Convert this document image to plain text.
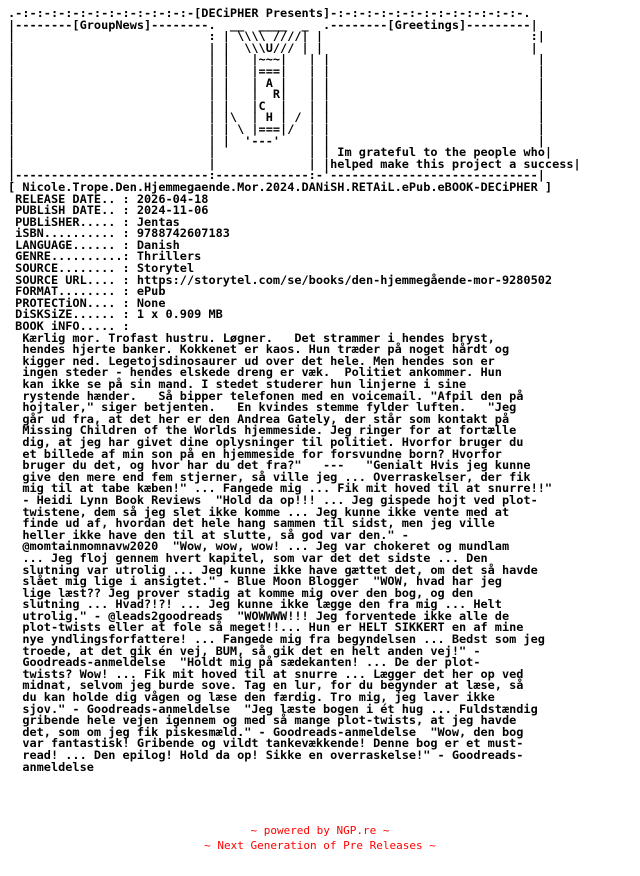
.-:-:-:-:-:-:-:-:-:-:-:-:-[DECiPHER Presents]-:-:-:-:-:-:-:-:-:-:-:-:-:-.
|--------[GroupNews]--------.  __  ____  _  .--------[Greetings]---------|
|                           : | \\\\ ////| |                             :|
|                           | |  \\\U/// | |                             |
|                           | |   |~~~|   | |                             |
|                           | |   |===|   | |                             |
|                           | |   | A |   | |                             |
|                           | |   |  R|   | |                             |
|                           | |   |C  |   | |                             |
|                           | |\  | H | / | |                             |
|                           | | \ |===|/  | |                             |
|                           | |  '---'    | |                             |
|                           |             | | Im grateful to the people who|
|                           |             | |helped make this project a success|
|---------------------------:-------------:-'-----------------------------|
[ Nicole.Trope.Den.Hjemmegaende.Mor.2024.DANiSH.RETAiL.ePub.eBOOK-DECiPHER ]
RELEASE DATE.. : 2026-04-18
PUBLiSH DATE.. : 2024-11-06
PUBLiSHER..... : Jentas
iSBN.......... : 9788742607183
LANGUAGE...... : Danish
GENRE..........: Thrillers
SOURCE........ : Storytel
SOURCE URL.... : https://storytel.com/se/books/den-hjemmegående-mor-9280502
FORMAT........ : ePub
PROTECTiON.... : None
DiSKSiZE...... : 1 x 0.909 MB
BOOK iNFO..... :
Kærlig mor. Trofast hustru. Løgner.   Det strammer i hendes bryst,
hendes hjerte banker. Kokkenet er kaos. Hun træder på noget hårdt og
kigger ned. Legetojsdinosaurer ud over det hele. Men hendes son er
ingen steder - hendes elskede dreng er væk.  Politiet ankommer. Hun
kan ikke se på sin mand. I stedet studerer hun linjerne i sine
rystende hænder.   Så bipper telefonen med en voicemail. "Afpil den på
hojtaler," siger betjenten.   En kvindes stemme fylder luften.   "Jeg
går ud fra, at det her er den Andrea Gately, der står som kontakt på
Missing Children of the Worlds hjemmeside. Jeg ringer for at fortælle
dig, at jeg har givet dine oplysninger til politiet. Hvorfor bruger du
et billede af min son på en hjemmeside for forsvundne born? Hvorfor
bruger du det, og hvor har du det fra?"   ---   "Genialt Hvis jeg kunne
give den mere end fem stjerner, så ville jeg ... Overraskelser, der fik
mig til at tabe kæben!" ... Fangede mig ... Fik mit hoved til at snurre!!"
- Heidi Lynn Book Reviews  "Hold da op!!! ... Jeg gispede hojt ved plot-
twistene, dem så jeg slet ikke komme ... Jeg kunne ikke vente med at
finde ud af, hvordan det hele hang sammen til sidst, men jeg ville
heller ikke have den til at slutte, så god var den." -
@momtainmomnavw2020  "Wow, wow, wow! ... Jeg var chokeret og mundlam
... Jeg floj gennem hvert kapitel, som var det det sidste ... Den
slutning var utrolig ... Jeg kunne ikke have gættet det, om det så havde
slået mig lige i ansigtet." - Blue Moon Blogger  "WOW, hvad har jeg
lige læst?? Jeg prover stadig at komme mig over den bog, og den
slutning ... Hvad?!?! ... Jeg kunne ikke lægge den fra mig ... Helt
utrolig." - @leads2goodreads  "WOWWWW!!! Jeg forventede ikke alle de
plot-twists eller at fole så meget!!... Hun er HELT SIKKERT en af mine
nye yndlingsforfattere! ... Fangede mig fra begyndelsen ... Bedst som jeg
troede, at det gik én vej, BUM, så gik det en helt anden vej!" -
Goodreads-anmeldelse  "Holdt mig på sædekanten! ... De der plot-
twists? Wow! ... Fik mit hoved til at snurre ... Lægger det her op ved
midnat, selvom jeg burde sove. Tag en lur, for du begynder at læse, så
du kan holde dig vågen og læse den færdig. Tro mig, jeg laver ikke
sjov." - Goodreads-anmeldelse  "Jeg læste bogen i ét hug ... Fuldstændig
gribende hele vejen igennem og med så mange plot-twists, at jeg havde
det, som om jeg fik piskesmæld." - Goodreads-anmeldelse  "Wow, den bog
var fantastisk! Gribende og vildt tankevækkende! Denne bog er et must-
read! ... Den epilog! Hold da op! Sikke en overraskelse!" - Goodreads-
anmeldelse
~ powered by NGP.re ~
~ Next Generation of Pre Releases ~
